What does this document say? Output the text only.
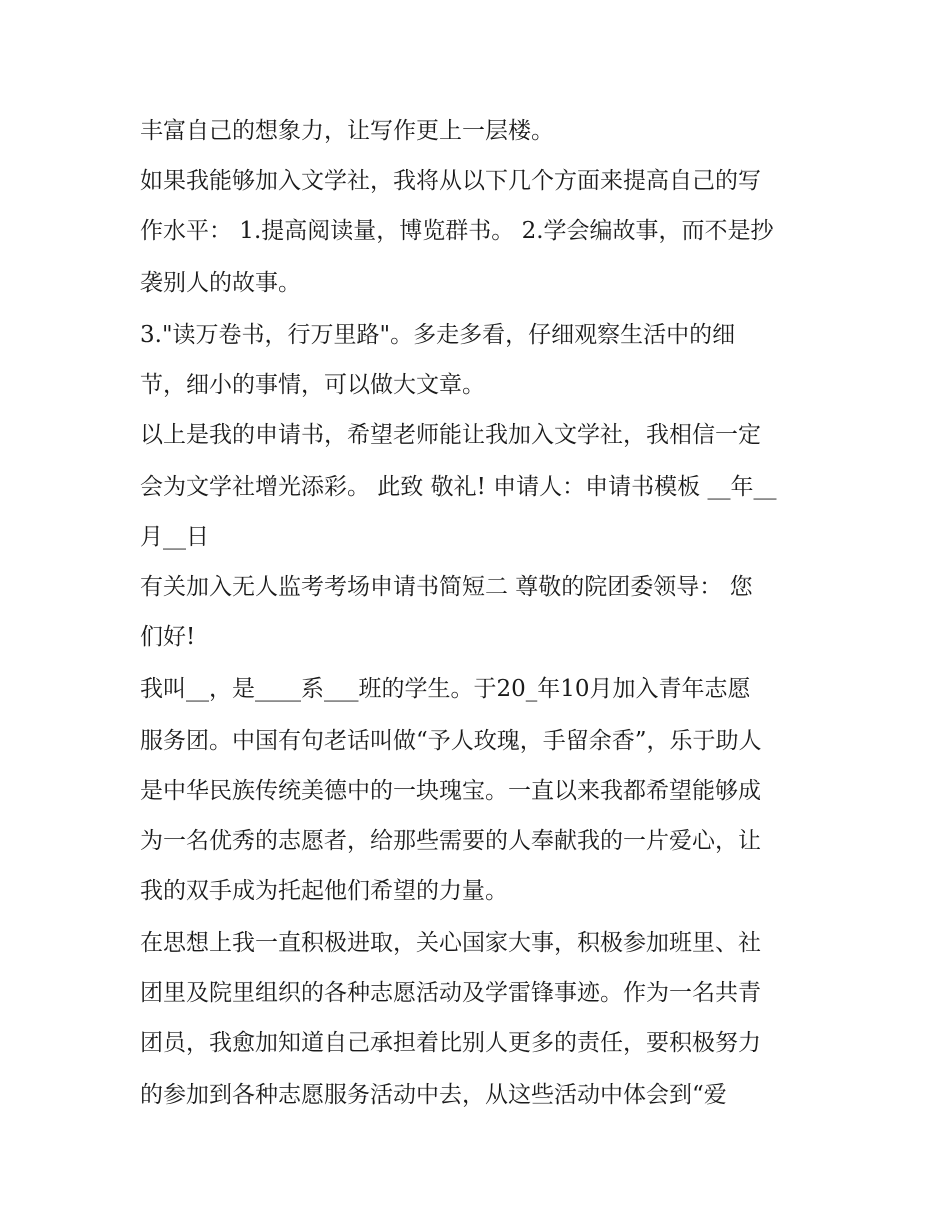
丰富自己的想象力，让写作更上一层楼。
如果我能够加入文学社，我将从以下几个方面来提高自己的写
作水平： 1.提高阅读量，博览群书。 2.学会编故事，而不是抄
袭别人的故事。
3."读万卷书，行万里路"。多走多看，仔细观察生活中的细
节，细小的事情，可以做大文章。
以上是我的申请书，希望老师能让我加入文学社，我相信一定
会为文学社增光添彩。 此致 敬礼! 申请人：申请书模板 __年__
月__日
有关加入无人监考考场申请书简短二 尊敬的院团委领导： 您
们好!
我叫__，是____系___班的学生。于20_年10月加入青年志愿
服务团。中国有句老话叫做“予人玫瑰，手留余香”，乐于助人
是中华民族传统美德中的一块瑰宝。一直以来我都希望能够成
为一名优秀的志愿者，给那些需要的人奉献我的一片爱心，让
我的双手成为托起他们希望的力量。
在思想上我一直积极进取，关心国家大事，积极参加班里、社
团里及院里组织的各种志愿活动及学雷锋事迹。作为一名共青
团员，我愈加知道自己承担着比别人更多的责任，要积极努力
的参加到各种志愿服务活动中去，从这些活动中体会到“爱
